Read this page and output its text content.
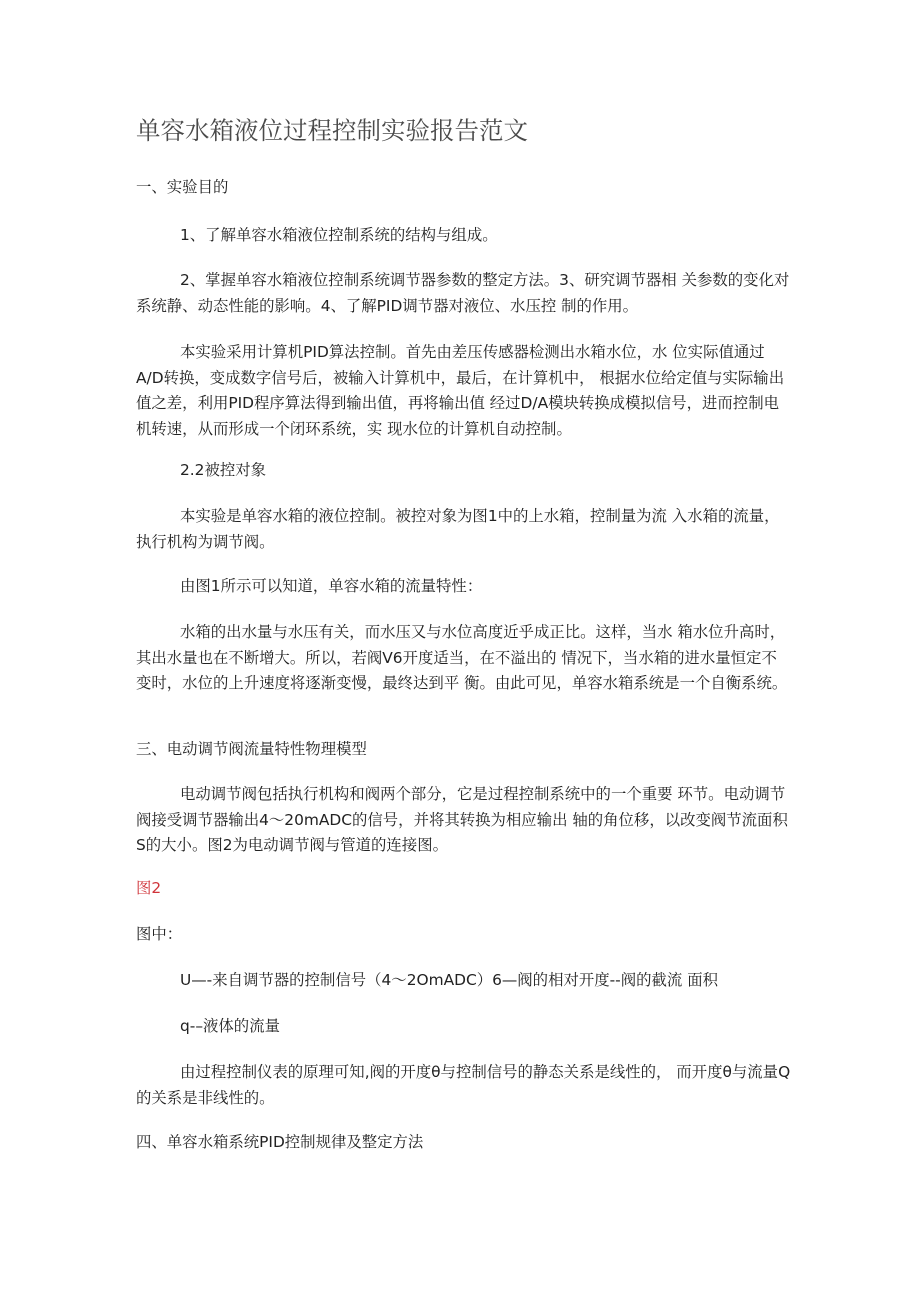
单容水箱液位过程控制实验报告范文

一、实验目的

1、了解单容水箱液位控制系统的结构与组成。

2、掌握单容水箱液位控制系统调节器参数的整定方法。3、研究调节器相 关参数的变化对系统静、动态性能的影响。4、了解PID调节器对液位、水压控 制的作用。

本实验采用计算机PID算法控制。首先由差压传感器检测出水箱水位，水 位实际值通过A/D转换，变成数字信号后，被输入计算机中，最后，在计算机中， 根据水位给定值与实际输出值之差，利用PID程序算法得到输出值，再将输出值 经过D/A模块转换成模拟信号，进而控制电机转速，从而形成一个闭环系统，实 现水位的计算机自动控制。

2.2被控对象

本实验是单容水箱的液位控制。被控对象为图1中的上水箱，控制量为流 入水箱的流量，执行机构为调节阀。

由图1所示可以知道，单容水箱的流量特性：

水箱的出水量与水压有关，而水压又与水位高度近乎成正比。这样，当水 箱水位升高时，其出水量也在不断增大。所以，若阀V6开度适当，在不溢出的 情况下，当水箱的进水量恒定不变时，水位的上升速度将逐渐变慢，最终达到平 衡。由此可见，单容水箱系统是一个自衡系统。

三、电动调节阀流量特性物理模型

电动调节阀包括执行机构和阀两个部分，它是过程控制系统中的一个重要 环节。电动调节阀接受调节器输出4～20mADC的信号，并将其转换为相应输出 轴的角位移，以改变阀节流面积S的大小。图2为电动调节阀与管道的连接图。

图2

图中：

U—-来自调节器的控制信号（4～2OmADC）6—阀的相对开度--阀的截流 面积

q-–液体的流量

由过程控制仪表的原理可知,阀的开度θ与控制信号的静态关系是线性的， 而开度θ与流量Q的关系是非线性的。

四、单容水箱系统PID控制规律及整定方法
